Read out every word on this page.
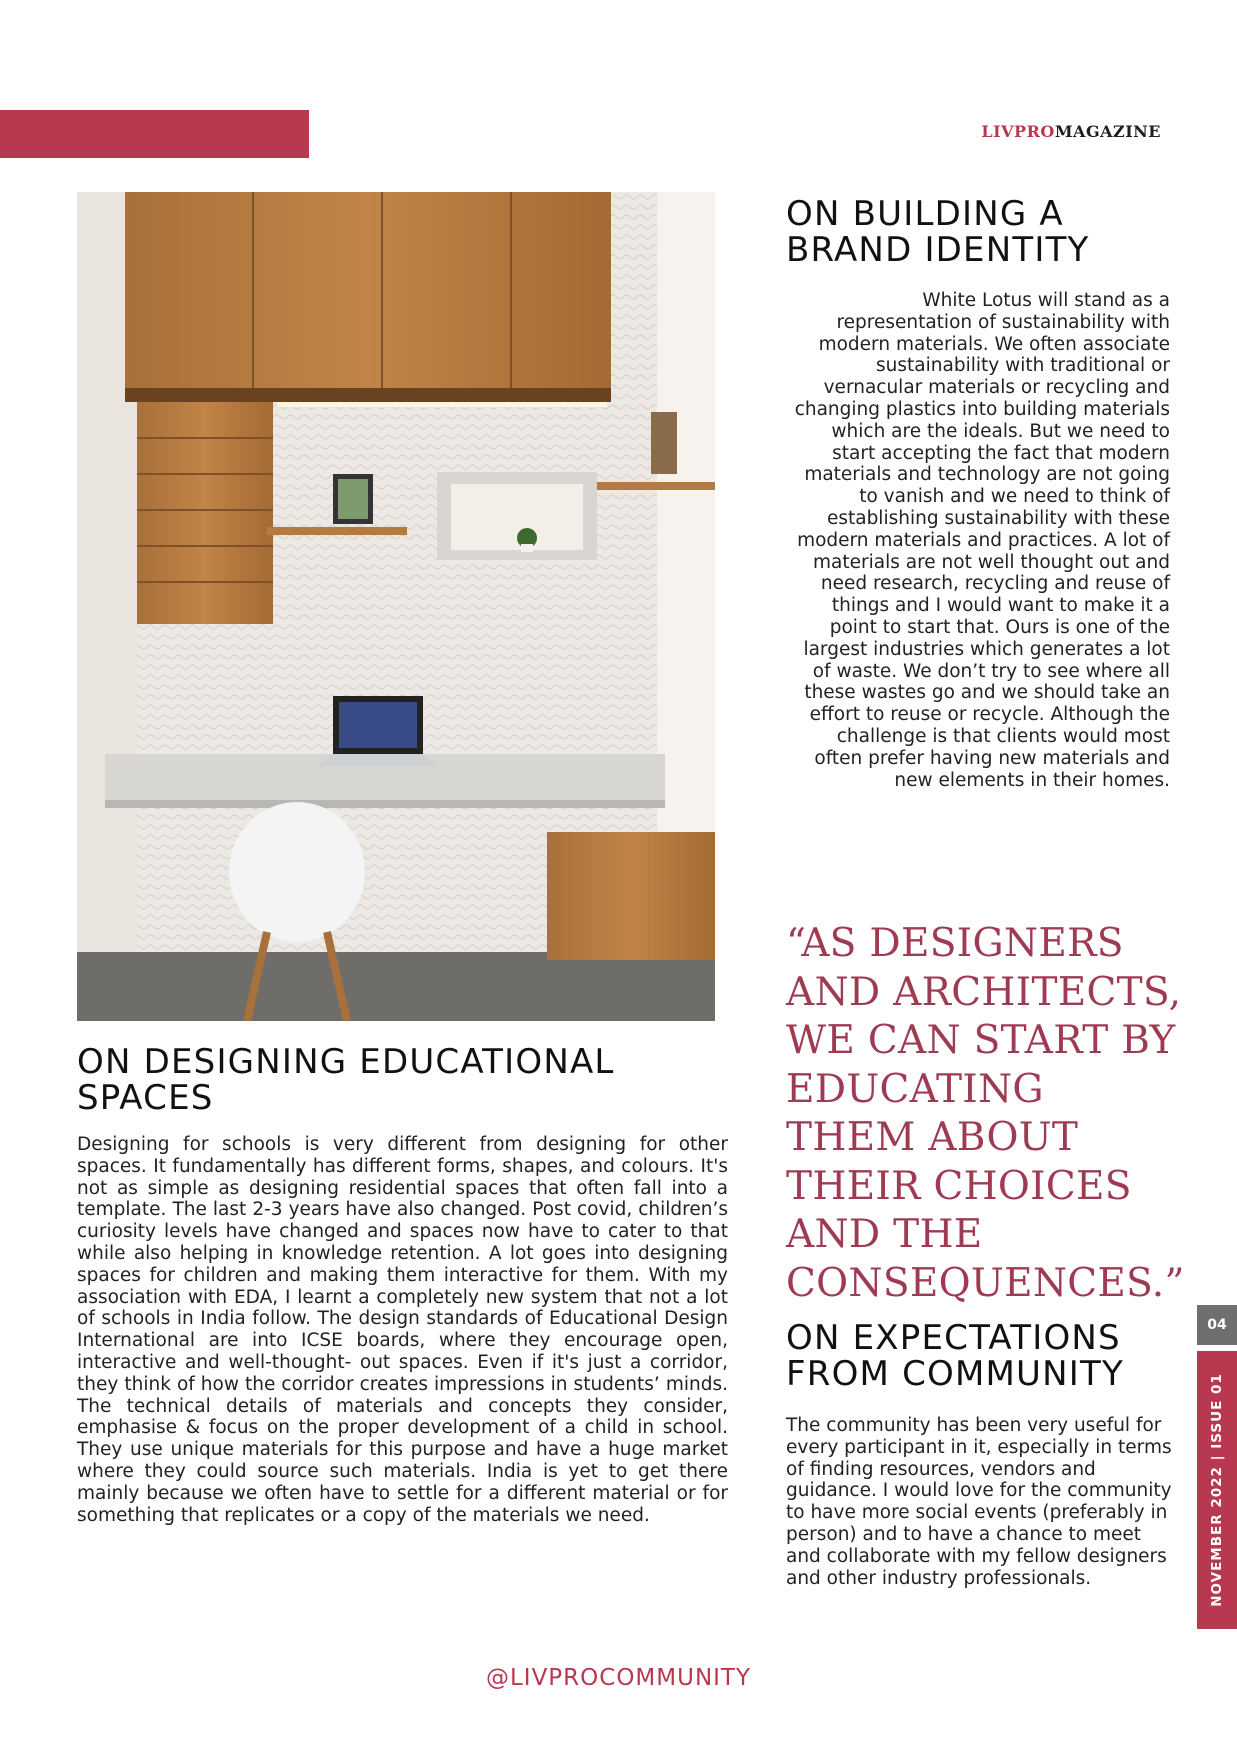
LIVPROMAGAZINE
ON BUILDING A BRAND IDENTITY
White Lotus will stand as a representation of sustainability with modern materials. We often associate sustainability with traditional or vernacular materials or recycling and changing plastics into building materials which are the ideals. But we need to start accepting the fact that modern materials and technology are not going to vanish and we need to think of establishing sustainability with these modern materials and practices. A lot of materials are not well thought out and need research, recycling and reuse of things and I would want to make it a point to start that. Ours is one of the largest industries which generates a lot of waste. We don’t try to see where all these wastes go and we should take an effort to reuse or recycle. Although the challenge is that clients would most often prefer having new materials and new elements in their homes.
ON DESIGNING EDUCATIONAL SPACES
Designing for schools is very different from designing for other spaces. It fundamentally has different forms, shapes, and colours. It's not as simple as designing residential spaces that often fall into a template. The last 2-3 years have also changed. Post covid, children’s curiosity levels have changed and spaces now have to cater to that while also helping in knowledge retention. A lot goes into designing spaces for children and making them interactive for them. With my association with EDA, I learnt a completely new system that not a lot of schools in India follow. The design standards of Educational Design International are into ICSE boards, where they encourage open, interactive and well-thought- out spaces. Even if it's just a corridor, they think of how the corridor creates impressions in students’ minds. The technical details of materials and concepts they consider, emphasise & focus on the proper development of a child in school. They use unique materials for this purpose and have a huge market where they could source such materials. India is yet to get there mainly because we often have to settle for a different material or for something that replicates or a copy of the materials we need.
“AS DESIGNERS AND ARCHITECTS, WE CAN START BY EDUCATING THEM ABOUT THEIR CHOICES AND THE CONSEQUENCES.”
ON EXPECTATIONS FROM COMMUNITY
The community has been very useful for every participant in it, especially in terms of finding resources, vendors and guidance. I would love for the community to have more social events (preferably in person) and to have a chance to meet and collaborate with my fellow designers and other industry professionals.
04
NOVEMBER 2022 | ISSUE 01
@LIVPROCOMMUNITY
